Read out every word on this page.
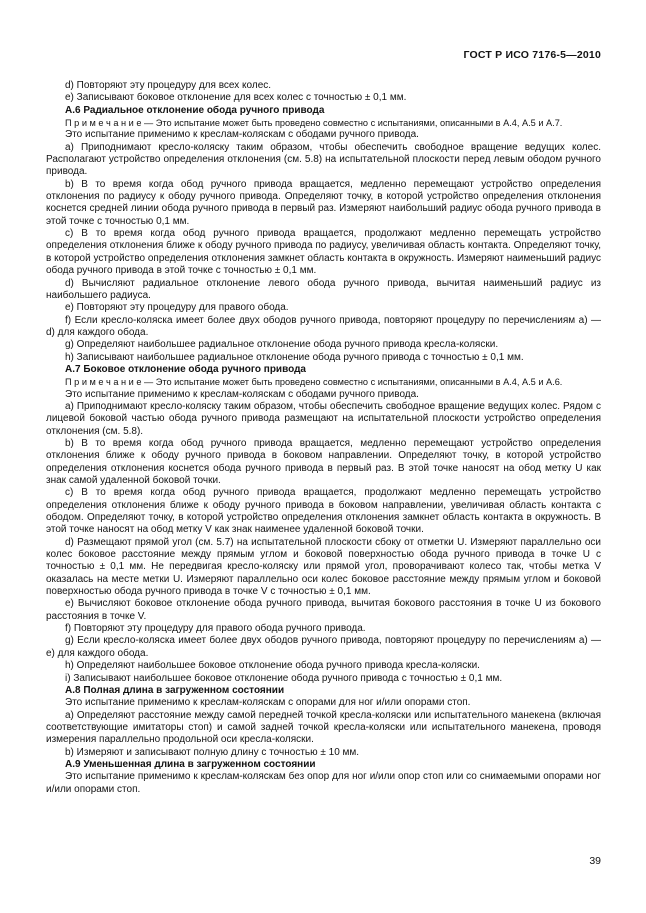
ГОСТ Р ИСО 7176-5—2010

d) Повторяют эту процедуру для всех колес.

e) Записывают боковое отклонение для всех колес с точностью ± 0,1 мм.

А.6 Радиальное отклонение обода ручного привода

П р и м е ч а н и е — Это испытание может быть проведено совместно с испытаниями, описанными в А.4, А.5 и А.7.

Это испытание применимо к креслам-коляскам с ободами ручного привода.

a) Приподнимают кресло-коляску таким образом, чтобы обеспечить свободное вращение ведущих колес. Располагают устройство определения отклонения (см. 5.8) на испытательной плоскости перед левым ободом ручного привода.

b) В то время когда обод ручного привода вращается, медленно перемещают устройство определения отклонения по радиусу к ободу ручного привода. Определяют точку, в которой устройство определения отклонения коснется средней линии обода ручного привода в первый раз. Измеряют наибольший радиус обода ручного привода в этой точке с точностью 0,1 мм.

c) В то время когда обод ручного привода вращается, продолжают медленно перемещать устройство определения отклонения ближе к ободу ручного привода по радиусу, увеличивая область контакта. Определяют точку, в которой устройство определения отклонения замкнет область контакта в окружность. Измеряют наименьший радиус обода ручного привода в этой точке с точностью ± 0,1 мм.

d) Вычисляют радиальное отклонение левого обода ручного привода, вычитая наименьший радиус из наибольшего радиуса.

e) Повторяют эту процедуру для правого обода.

f) Если кресло-коляска имеет более двух ободов ручного привода, повторяют процедуру по перечислениям a) — d) для каждого обода.

g) Определяют наибольшее радиальное отклонение обода ручного привода кресла-коляски.

h) Записывают наибольшее радиальное отклонение обода ручного привода с точностью ± 0,1 мм.

А.7 Боковое отклонение обода ручного привода

П р и м е ч а н и е — Это испытание может быть проведено совместно с испытаниями, описанными в А.4, А.5 и А.6.

Это испытание применимо к креслам-коляскам с ободами ручного привода.

a) Приподнимают кресло-коляску таким образом, чтобы обеспечить свободное вращение ведущих колес. Рядом с лицевой боковой частью обода ручного привода размещают на испытательной плоскости устройство определения отклонения (см. 5.8).

b) В то время когда обод ручного привода вращается, медленно перемещают устройство определения отклонения ближе к ободу ручного привода в боковом направлении. Определяют точку, в которой устройство определения отклонения коснется обода ручного привода в первый раз. В этой точке наносят на обод метку U как знак самой удаленной боковой точки.

c) В то время когда обод ручного привода вращается, продолжают медленно перемещать устройство определения отклонения ближе к ободу ручного привода в боковом направлении, увеличивая область контакта с ободом. Определяют точку, в которой устройство определения отклонения замкнет область контакта в окружность. В этой точке наносят на обод метку V как знак наименее удаленной боковой точки.

d) Размещают прямой угол (см. 5.7) на испытательной плоскости сбоку от отметки U. Измеряют параллельно оси колес боковое расстояние между прямым углом и боковой поверхностью обода ручного привода в точке U с точностью ± 0,1 мм. Не передвигая кресло-коляску или прямой угол, проворачивают колесо так, чтобы метка V оказалась на месте метки U. Измеряют параллельно оси колес боковое расстояние между прямым углом и боковой поверхностью обода ручного привода в точке V с точностью ± 0,1 мм.

e) Вычисляют боковое отклонение обода ручного привода, вычитая бокового расстояния в точке U из бокового расстояния в точке V.

f) Повторяют эту процедуру для правого обода ручного привода.

g) Если кресло-коляска имеет более двух ободов ручного привода, повторяют процедуру по перечислениям a) — e) для каждого обода.

h) Определяют наибольшее боковое отклонение обода ручного привода кресла-коляски.

i) Записывают наибольшее боковое отклонение обода ручного привода с точностью ± 0,1 мм.

А.8 Полная длина в загруженном состоянии

Это испытание применимо к креслам-коляскам с опорами для ног и/или опорами стоп.

a) Определяют расстояние между самой передней точкой кресла-коляски или испытательного манекена (включая соответствующие имитаторы стоп) и самой задней точкой кресла-коляски или испытательного манекена, проводя измерения параллельно продольной оси кресла-коляски.

b) Измеряют и записывают полную длину с точностью ± 10 мм.

А.9 Уменьшенная длина в загруженном состоянии

Это испытание применимо к креслам-коляскам без опор для ног и/или опор стоп или со снимаемыми опорами ног и/или опорами стоп.

39
